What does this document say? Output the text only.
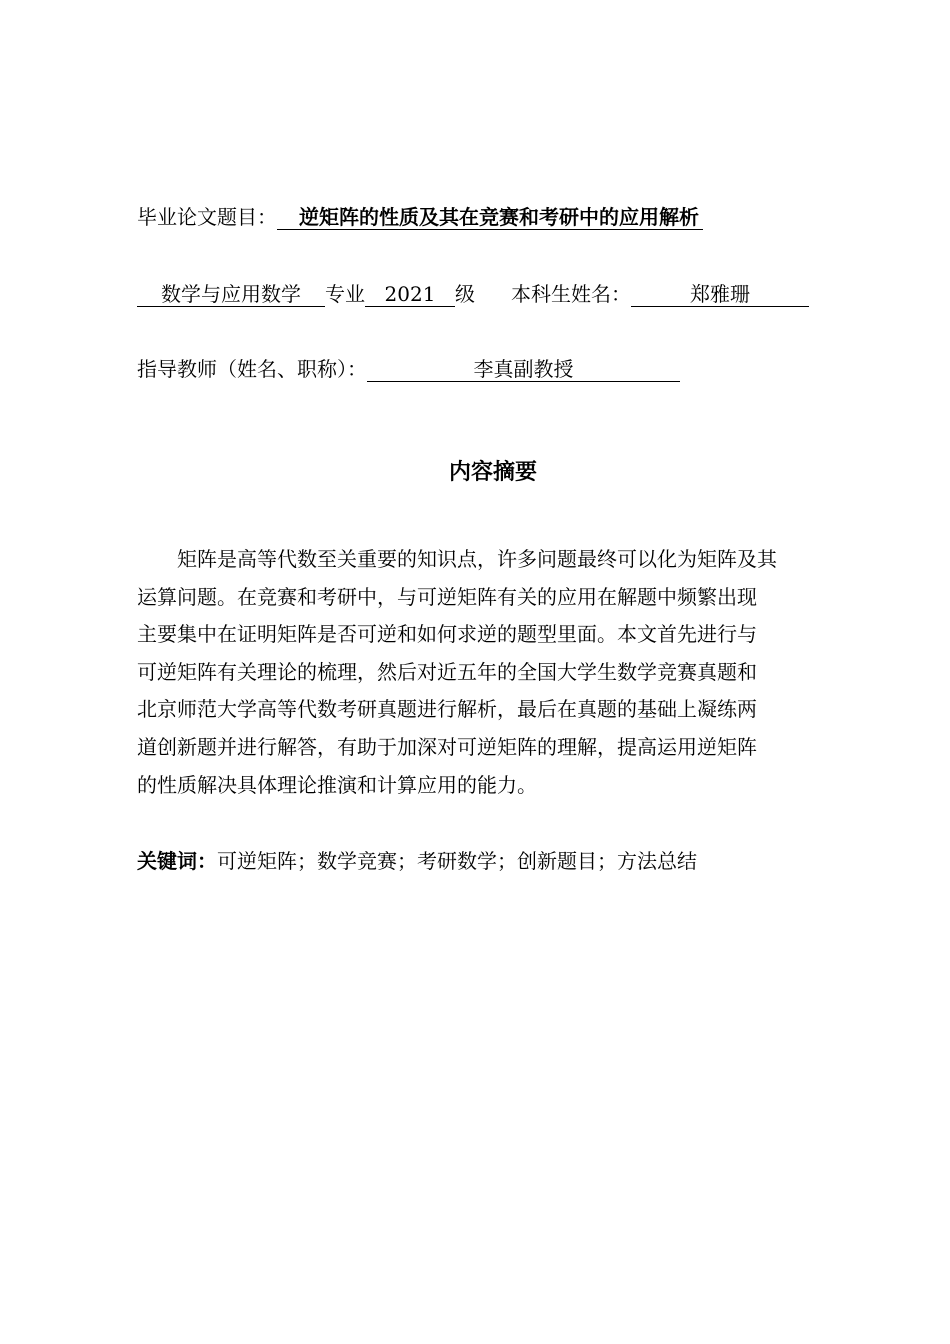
毕业论文题目： 逆矩阵的性质及其在竞赛和考研中的应用解析
数学与应用数学 专业 2021 级 本科生姓名：	郑雅珊
指导教师（姓名、职称）：	李真副教授
内容摘要
　　矩阵是高等代数至关重要的知识点，许多问题最终可以化为矩阵及其
运算问题。在竞赛和考研中，与可逆矩阵有关的应用在解题中频繁出现
主要集中在证明矩阵是否可逆和如何求逆的题型里面。本文首先进行与
可逆矩阵有关理论的梳理，然后对近五年的全国大学生数学竞赛真题和
北京师范大学高等代数考研真题进行解析，最后在真题的基础上凝练两
道创新题并进行解答，有助于加深对可逆矩阵的理解，提高运用逆矩阵
的性质解决具体理论推演和计算应用的能力。
关键词：可逆矩阵；数学竞赛；考研数学；创新题目；方法总结
